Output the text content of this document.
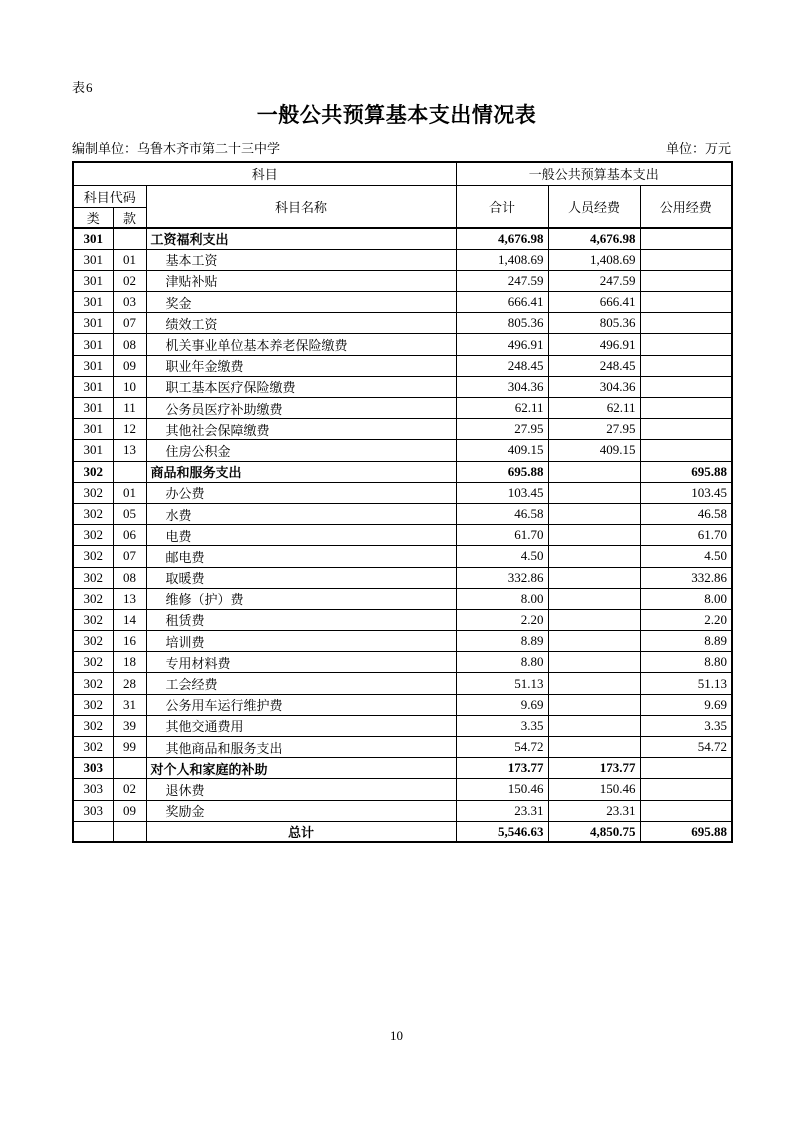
表6
一般公共预算基本支出情况表
编制单位：乌鲁木齐市第二十三中学	单位：万元
科目			一般公共预算基本支出		
科目代码		科目名称	合计	人员经费	公用经费
类	款				
301		工资福利支出	4,676.98	4,676.98	
301	01	基本工资	1,408.69	1,408.69	
301	02	津贴补贴	247.59	247.59	
301	03	奖金	666.41	666.41	
301	07	绩效工资	805.36	805.36	
301	08	机关事业单位基本养老保险缴费	496.91	496.91	
301	09	职业年金缴费	248.45	248.45	
301	10	职工基本医疗保险缴费	304.36	304.36	
301	11	公务员医疗补助缴费	62.11	62.11	
301	12	其他社会保障缴费	27.95	27.95	
301	13	住房公积金	409.15	409.15	
302		商品和服务支出	695.88		695.88
302	01	办公费	103.45		103.45
302	05	水费	46.58		46.58
302	06	电费	61.70		61.70
302	07	邮电费	4.50		4.50
302	08	取暖费	332.86		332.86
302	13	维修（护）费	8.00		8.00
302	14	租赁费	2.20		2.20
302	16	培训费	8.89		8.89
302	18	专用材料费	8.80		8.80
302	28	工会经费	51.13		51.13
302	31	公务用车运行维护费	9.69		9.69
302	39	其他交通费用	3.35		3.35
302	99	其他商品和服务支出	54.72		54.72
303		对个人和家庭的补助	173.77	173.77	
303	02	退休费	150.46	150.46	
303	09	奖励金	23.31	23.31	
		总计	5,546.63	4,850.75	695.88
10
